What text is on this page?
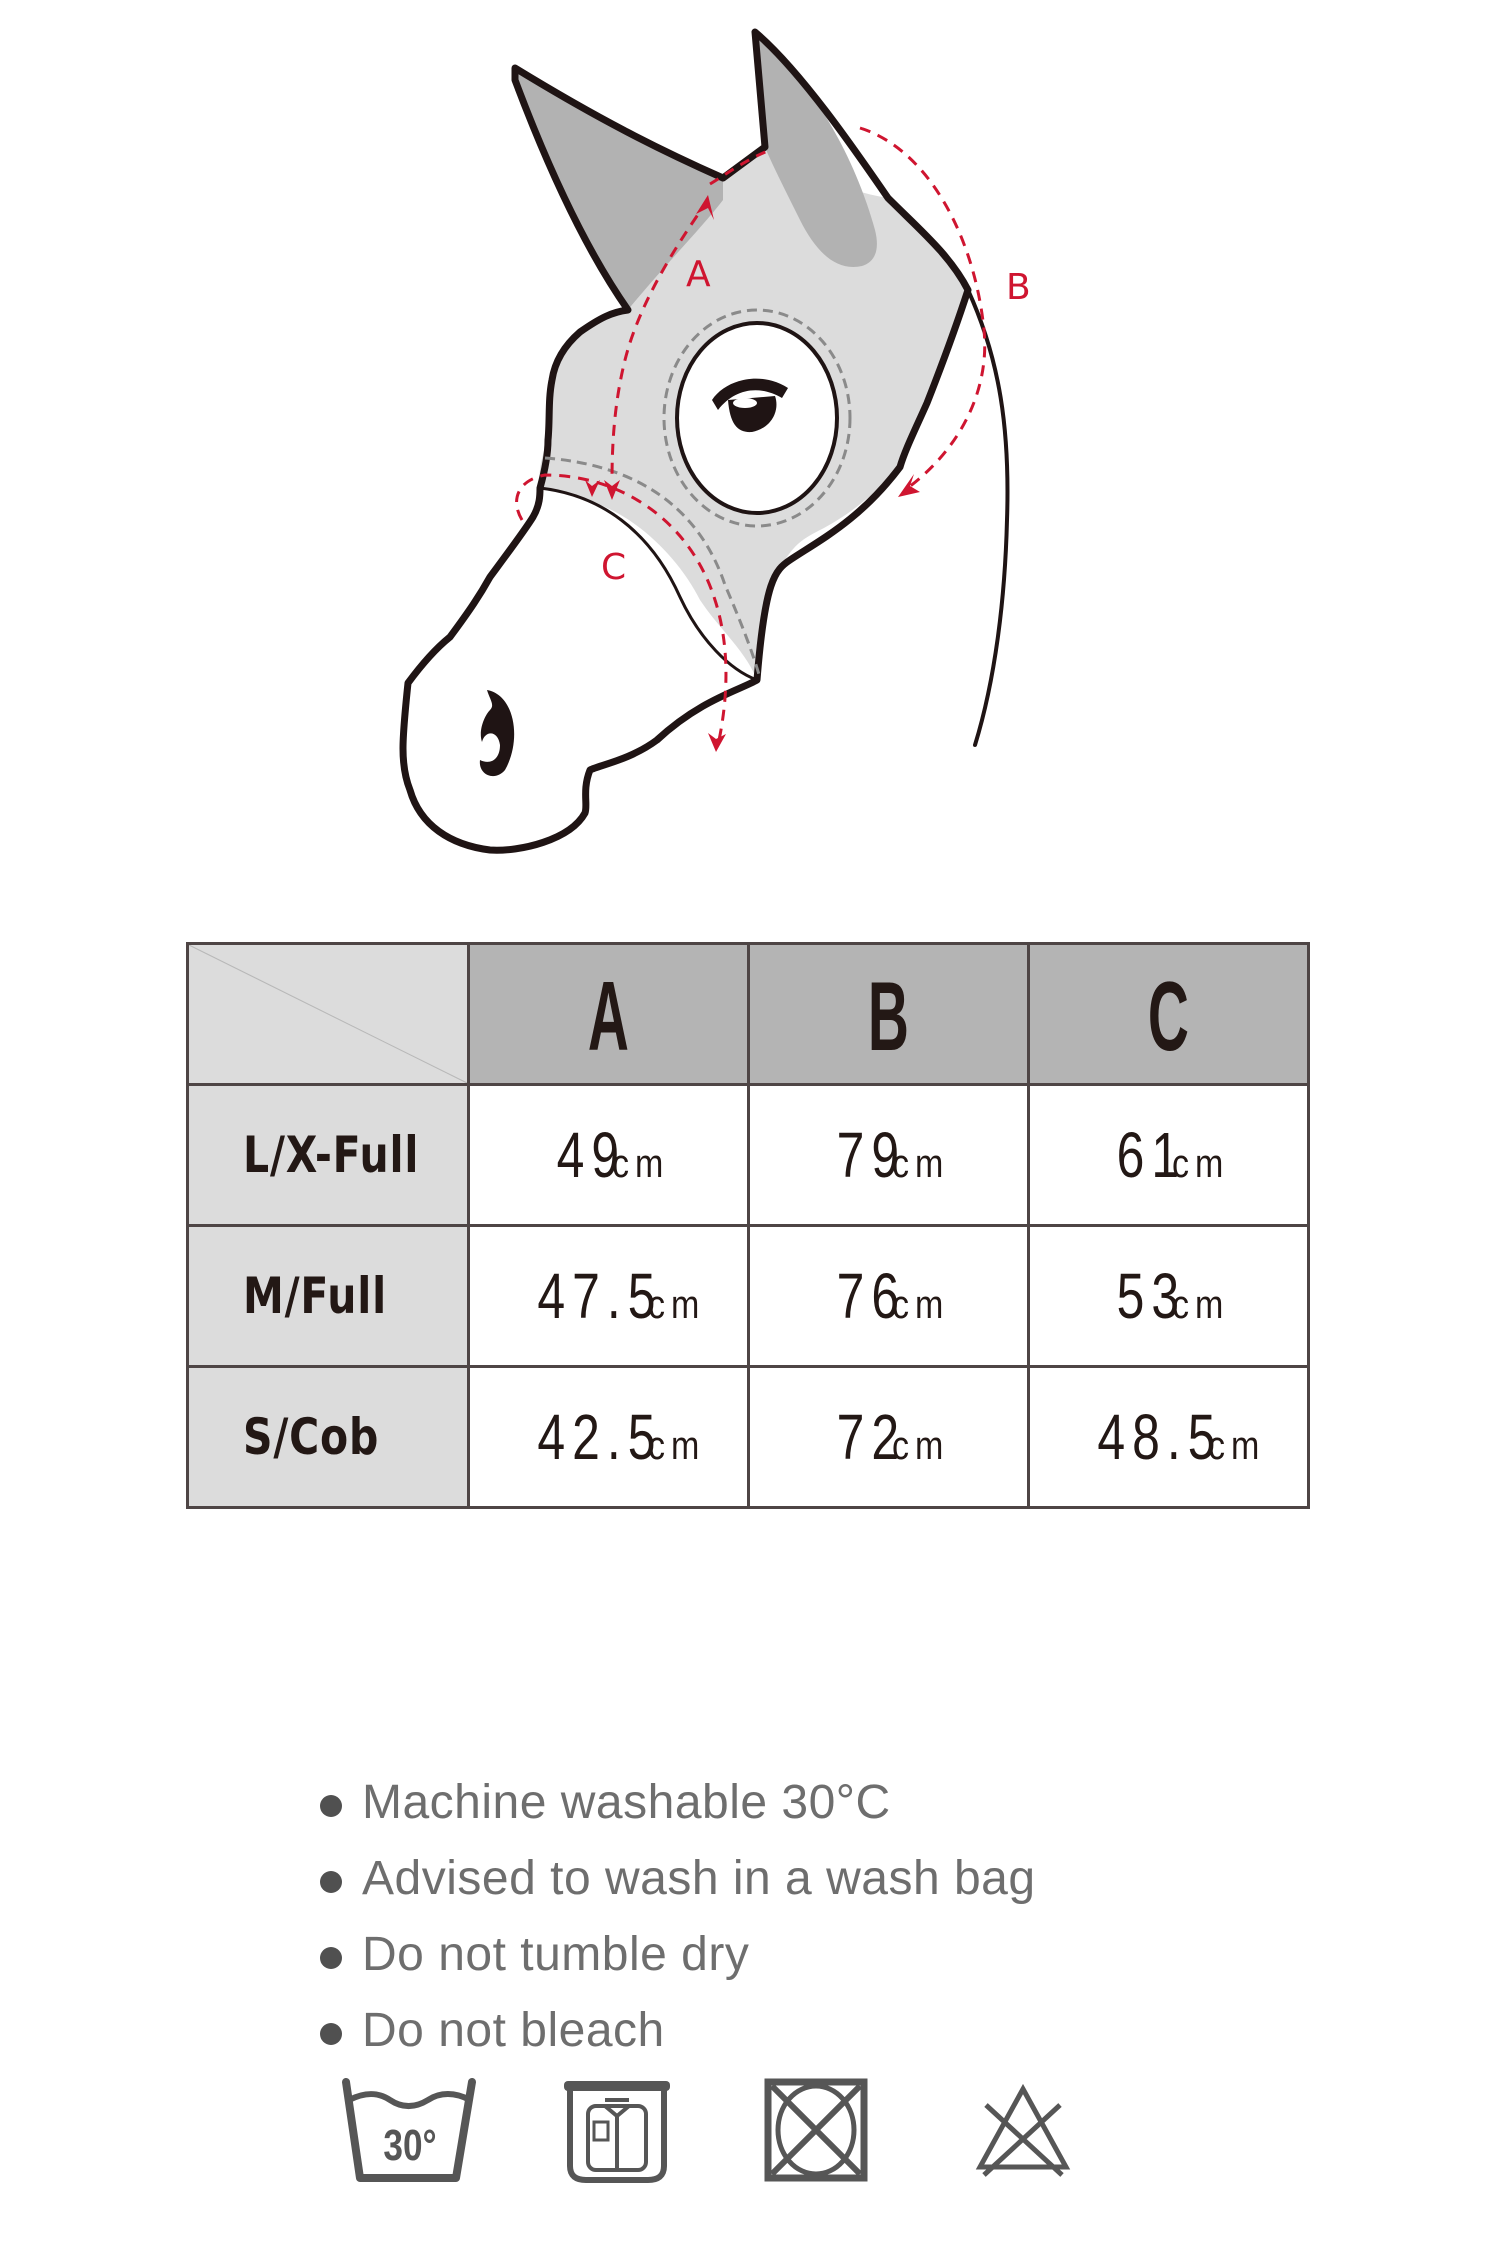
A	B
C
	A	B	C
L/X-Full	49cm	79cm	61cm
M/Full	47.5cm	76cm	53cm
S/Cob	42.5cm	72cm	48.5cm
Machine washable 30°C
Advised to wash in a wash bag
Do not tumble dry
Do not bleach
30°
